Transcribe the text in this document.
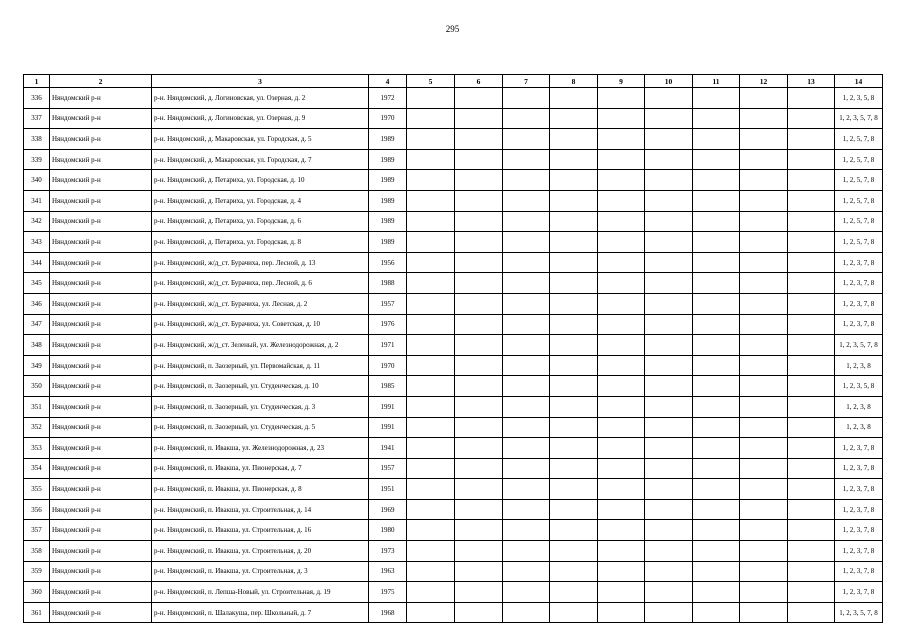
295
1	2	3	4	5	6	7	8	9	10	11	12	13	14
336	Няндомский р-н	р-н. Няндомский, д. Логиновская, ул. Озерная, д. 2	1972										1, 2, 3, 5, 8
337	Няндомский р-н	р-н. Няндомский, д. Логиновская, ул. Озерная, д. 9	1970										1, 2, 3, 5, 7, 8
338	Няндомский р-н	р-н. Няндомский, д. Макаровская, ул. Городская, д. 5	1989										1, 2, 5, 7, 8
339	Няндомский р-н	р-н. Няндомский, д. Макаровская, ул. Городская, д. 7	1989										1, 2, 5, 7, 8
340	Няндомский р-н	р-н. Няндомский, д. Петариха, ул. Городская, д. 10	1989										1, 2, 5, 7, 8
341	Няндомский р-н	р-н. Няндомский, д. Петариха, ул. Городская, д. 4	1989										1, 2, 5, 7, 8
342	Няндомский р-н	р-н. Няндомский, д. Петариха, ул. Городская, д. 6	1989										1, 2, 5, 7, 8
343	Няндомский р-н	р-н. Няндомский, д. Петариха, ул. Городская, д. 8	1989										1, 2, 5, 7, 8
344	Няндомский р-н	р-н. Няндомский, ж/д_ст. Бурачиха, пер. Лесной, д. 13	1956										1, 2, 3, 7, 8
345	Няндомский р-н	р-н. Няндомский, ж/д_ст. Бурачиха, пер. Лесной, д. 6	1988										1, 2, 3, 7, 8
346	Няндомский р-н	р-н. Няндомский, ж/д_ст. Бурачиха, ул. Лесная, д. 2	1957										1, 2, 3, 7, 8
347	Няндомский р-н	р-н. Няндомский, ж/д_ст. Бурачиха, ул. Советская, д. 10	1976										1, 2, 3, 7, 8
348	Няндомский р-н	р-н. Няндомский, ж/д_ст. Зеленый, ул. Железнодорожная, д. 2	1971										1, 2, 3, 5, 7, 8
349	Няндомский р-н	р-н. Няндомский, п. Заозерный, ул. Первомайская, д. 11	1970										1, 2, 3, 8
350	Няндомский р-н	р-н. Няндомский, п. Заозерный, ул. Студенческая, д. 10	1985										1, 2, 3, 5, 8
351	Няндомский р-н	р-н. Няндомский, п. Заозерный, ул. Студенческая, д. 3	1991										1, 2, 3, 8
352	Няндомский р-н	р-н. Няндомский, п. Заозерный, ул. Студенческая, д. 5	1991										1, 2, 3, 8
353	Няндомский р-н	р-н. Няндомский, п. Ивакша, ул. Железнодорожная, д. 23	1941										1, 2, 3, 7, 8
354	Няндомский р-н	р-н. Няндомский, п. Ивакша, ул. Пионерская, д. 7	1957										1, 2, 3, 7, 8
355	Няндомский р-н	р-н. Няндомский, п. Ивакша, ул. Пионерская, д. 8	1951										1, 2, 3, 7, 8
356	Няндомский р-н	р-н. Няндомский, п. Ивакша, ул. Строительная, д. 14	1969										1, 2, 3, 7, 8
357	Няндомский р-н	р-н. Няндомский, п. Ивакша, ул. Строительная, д. 16	1980										1, 2, 3, 7, 8
358	Няндомский р-н	р-н. Няндомский, п. Ивакша, ул. Строительная, д. 20	1973										1, 2, 3, 7, 8
359	Няндомский р-н	р-н. Няндомский, п. Ивакша, ул. Строительная, д. 3	1963										1, 2, 3, 7, 8
360	Няндомский р-н	р-н. Няндомский, п. Лепша-Новый, ул. Строительная, д. 19	1975										1, 2, 3, 7, 8
361	Няндомский р-н	р-н. Няндомский, п. Шалакуша, пер. Школьный, д. 7	1968										1, 2, 3, 5, 7, 8
